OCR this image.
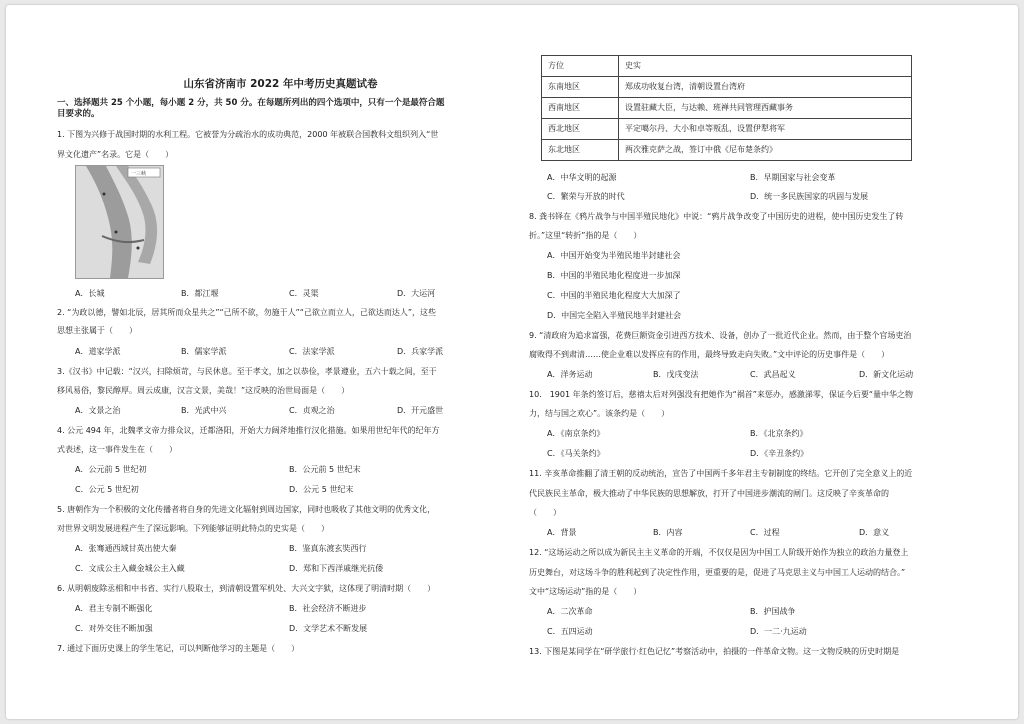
山东省济南市 2022 年中考历史真题试卷
一、选择题共 25 个小题，每小题 2 分，共 50 分。在每题所列出的四个选项中，只有一个是最符合题
目要求的。
1. 下图为兴修于战国时期的水利工程。它被誉为分疏治水的成功典范，2000 年被联合国教科文组织列入“世
界文化遗产”名录。它是（　　）
一三峡
A．长城	B．都江堰	C．灵渠	D．大运河
2. “为政以德，譬如北辰，居其所而众星共之”“己所不欲，勿施于人”“己欲立而立人，己欲达而达人”，这些
思想主张属于（　　）
A．道家学派	B．儒家学派	C．法家学派	D．兵家学派
3.《汉书》中记载：“汉兴，扫除烦苛，与民休息。至于孝文，加之以恭俭，孝景遵业，五六十载之间，至于
移风易俗，黎民醇厚。周云成康，汉言文景，美哉！”这反映的治世局面是（　　）
A．文景之治	B．光武中兴	C．贞观之治	D．开元盛世
4. 公元 494 年，北魏孝文帝力排众议，迁都洛阳，开始大力阔斧地推行汉化措施。如果用世纪年代的纪年方
式表述，这一事件发生在（　　）
A．公元前 5 世纪初	B．公元前 5 世纪末
C．公元 5 世纪初	D．公元 5 世纪末
5. 唐朝作为一个积极的文化传播者将自身的先进文化辐射到周边国家，同时也吸收了其他文明的优秀文化，
对世界文明发展进程产生了深远影响。下列能够证明此特点的史实是（　　）
A．张骞通西域甘英出使大秦	B．鉴真东渡玄奘西行
C．文成公主入藏金城公主入藏	D．郑和下西洋戚继光抗倭
6. 从明朝废除丞相和中书省、实行八股取士，到清朝设置军机处、大兴文字狱，这体现了明清时期（　　）
A．君主专制不断强化	B．社会经济不断进步
C．对外交往不断加强	D．文学艺术不断发展
7. 通过下面历史课上的学生笔记，可以判断他学习的主题是（　　）
方位	史实
东南地区	郑成功收复台湾，清朝设置台湾府
西南地区	设置驻藏大臣，与达赖、班禅共同管理西藏事务
西北地区	平定噶尔丹、大小和卓等叛乱，设置伊犁将军
东北地区	两次雅克萨之战，签订中俄《尼布楚条约》
A．中华文明的起源	B．早期国家与社会变革
C．繁荣与开放的时代	D．统一多民族国家的巩固与发展
8. 龚书铎在《鸦片战争与中国半殖民地化》中说：“鸦片战争改变了中国历史的进程，使中国历史发生了转
折。”这里“转折”指的是（　　）
A．中国开始变为半殖民地半封建社会
B．中国的半殖民地化程度进一步加深
C．中国的半殖民地化程度大大加深了
D．中国完全陷入半殖民地半封建社会
9. “清政府为追求富强，花费巨额资金引进西方技术、设备，创办了一批近代企业。然而，由于整个官场吏治
腐败得不到肃清……使企业难以发挥应有的作用，最终导致走向失败。”文中评论的历史事件是（　　）
A．洋务运动	B．戊戌变法	C．武昌起义	D．新文化运动
10.　1901 年条约签订后，慈禧太后对列强没有把她作为“祸首”来惩办，感激涕零，保证今后要“量中华之物
力，结与国之欢心”。该条约是（　　）
A．《南京条约》	B．《北京条约》
C．《马关条约》	D．《辛丑条约》
11. 辛亥革命推翻了清王朝的反动统治，宣告了中国两千多年君主专制制度的终结。它开创了完全意义上的近
代民族民主革命，极大推动了中华民族的思想解放，打开了中国进步潮流的闸门。这反映了辛亥革命的
（　　）
A．背景	B．内容	C．过程	D．意义
12. “这场运动之所以成为新民主主义革命的开端，不仅仅是因为中国工人阶级开始作为独立的政治力量登上
历史舞台，对这场斗争的胜利起到了决定性作用，更重要的是，促进了马克思主义与中国工人运动的结合。”
文中“这场运动”指的是（　　）
A．二次革命	B．护国战争
C．五四运动	D．一二·九运动
13. 下图是某同学在“研学旅行·红色记忆”考察活动中，拍摄的一件革命文物。这一文物反映的历史时期是
